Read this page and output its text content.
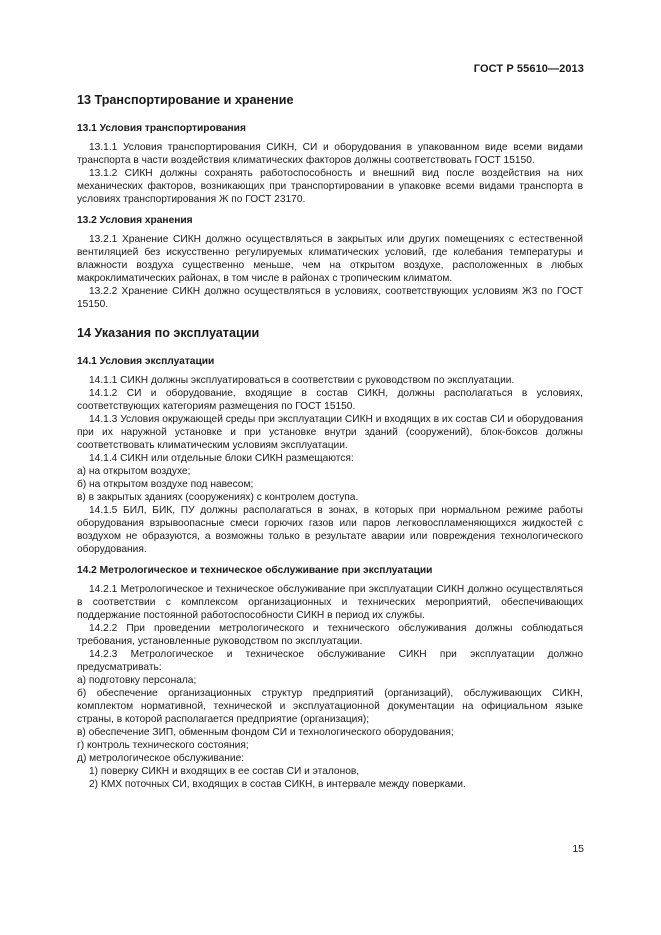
ГОСТ Р 55610—2013
13 Транспортирование и хранение
13.1 Условия транспортирования

13.1.1 Условия транспортирования СИКН, СИ и оборудования в упакованном виде всеми видами транспорта в части воздействия климатических факторов должны соответствовать ГОСТ 15150.

13.1.2 СИКН должны сохранять работоспособность и внешний вид после воздействия на них механических факторов, возникающих при транспортировании в упаковке всеми видами транспорта в условиях транспортирования Ж по ГОСТ 23170.

13.2 Условия хранения

13.2.1 Хранение СИКН должно осуществляться в закрытых или других помещениях с естественной вентиляцией без искусственно регулируемых климатических условий, где колебания температуры и влажности воздуха существенно меньше, чем на открытом воздухе, расположенных в любых макроклиматических районах, в том числе в районах с тропическим климатом.

13.2.2 Хранение СИКН должно осуществляться в условиях, соответствующих условиям Ж3 по ГОСТ 15150.

14 Указания по эксплуатации
14.1 Условия эксплуатации

14.1.1 СИКН должны эксплуатироваться в соответствии с руководством по эксплуатации.

14.1.2 СИ и оборудование, входящие в состав СИКН, должны располагаться в условиях, соответствующих категориям размещения по ГОСТ 15150.

14.1.3 Условия окружающей среды при эксплуатации СИКН и входящих в их состав СИ и оборудования при их наружной установке и при установке внутри зданий (сооружений), блок-боксов должны соответствовать климатическим условиям эксплуатации.

14.1.4 СИКН или отдельные блоки СИКН размещаются:

а) на открытом воздухе;

б) на открытом воздухе под навесом;

в) в закрытых зданиях (сооружениях) с контролем доступа.

14.1.5 БИЛ, БИК, ПУ должны располагаться в зонах, в которых при нормальном режиме работы оборудования взрывоопасные смеси горючих газов или паров легковоспламеняющихся жидкостей с воздухом не образуются, а возможны только в результате аварии или повреждения технологического оборудования.

14.2 Метрологическое и техническое обслуживание при эксплуатации

14.2.1 Метрологическое и техническое обслуживание при эксплуатации СИКН должно осуществляться в соответствии с комплексом организационных и технических мероприятий, обеспечивающих поддержание постоянной работоспособности СИКН в период их службы.

14.2.2 При проведении метрологического и технического обслуживания должны соблюдаться требования, установленные руководством по эксплуатации.

14.2.3 Метрологическое и техническое обслуживание СИКН при эксплуатации должно предусматривать:

а) подготовку персонала;

б) обеспечение организационных структур предприятий (организаций), обслуживающих СИКН, комплектом нормативной, технической и эксплуатационной документации на официальном языке страны, в которой располагается предприятие (организация);

в) обеспечение ЗИП, обменным фондом СИ и технологического оборудования;

г) контроль технического состояния;

д) метрологическое обслуживание:

1) поверку СИКН и входящих в ее состав СИ и эталонов,

2) КМХ поточных СИ, входящих в состав СИКН, в интервале между поверками.

15
